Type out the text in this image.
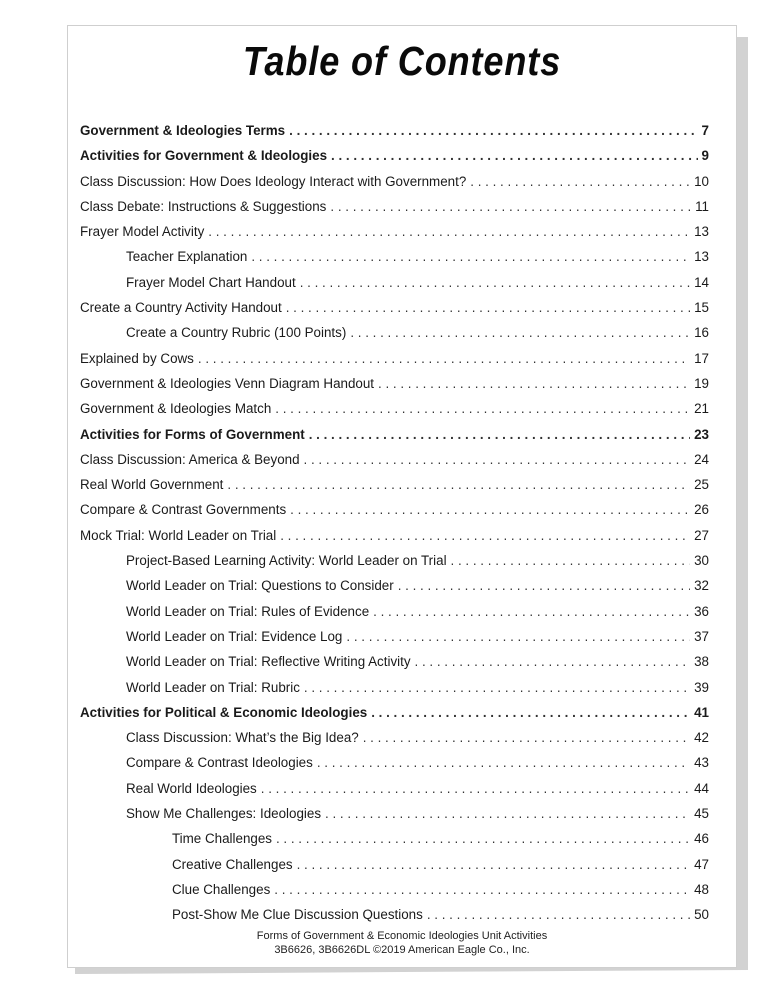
Table of Contents
Government & Ideologies Terms . . .	7
Activities for Government & Ideologies . . .	9
Class Discussion: How Does Ideology Interact with Government? . . .	10
Class Debate: Instructions & Suggestions . . .	11
Frayer Model Activity . . .	13
Teacher Explanation . . .	13
Frayer Model Chart Handout . . .	14
Create a Country Activity Handout . . .	15
Create a Country Rubric (100 Points) . . .	16
Explained by Cows . . .	17
Government & Ideologies Venn Diagram Handout . . .	19
Government & Ideologies Match . . .	21
Activities for Forms of Government . . .	23
Class Discussion: America & Beyond . . .	24
Real World Government . . .	25
Compare & Contrast Governments . . .	26
Mock Trial: World Leader on Trial . . .	27
Project-Based Learning Activity: World Leader on Trial . . .	30
World Leader on Trial: Questions to Consider . . .	32
World Leader on Trial: Rules of Evidence . . .	36
World Leader on Trial: Evidence Log . . .	37
World Leader on Trial: Reflective Writing Activity . . .	38
World Leader on Trial: Rubric . . .	39
Activities for Political & Economic Ideologies . . .	41
Class Discussion: What’s the Big Idea? . . .	42
Compare & Contrast Ideologies . . .	43
Real World Ideologies . . .	44
Show Me Challenges: Ideologies . . .	45
Time Challenges . . .	46
Creative Challenges . . .	47
Clue Challenges . . .	48
Post-Show Me Clue Discussion Questions . . .	50
Forms of Government & Economic Ideologies Unit Activities
3B6626, 3B6626DL ©2019 American Eagle Co., Inc.
